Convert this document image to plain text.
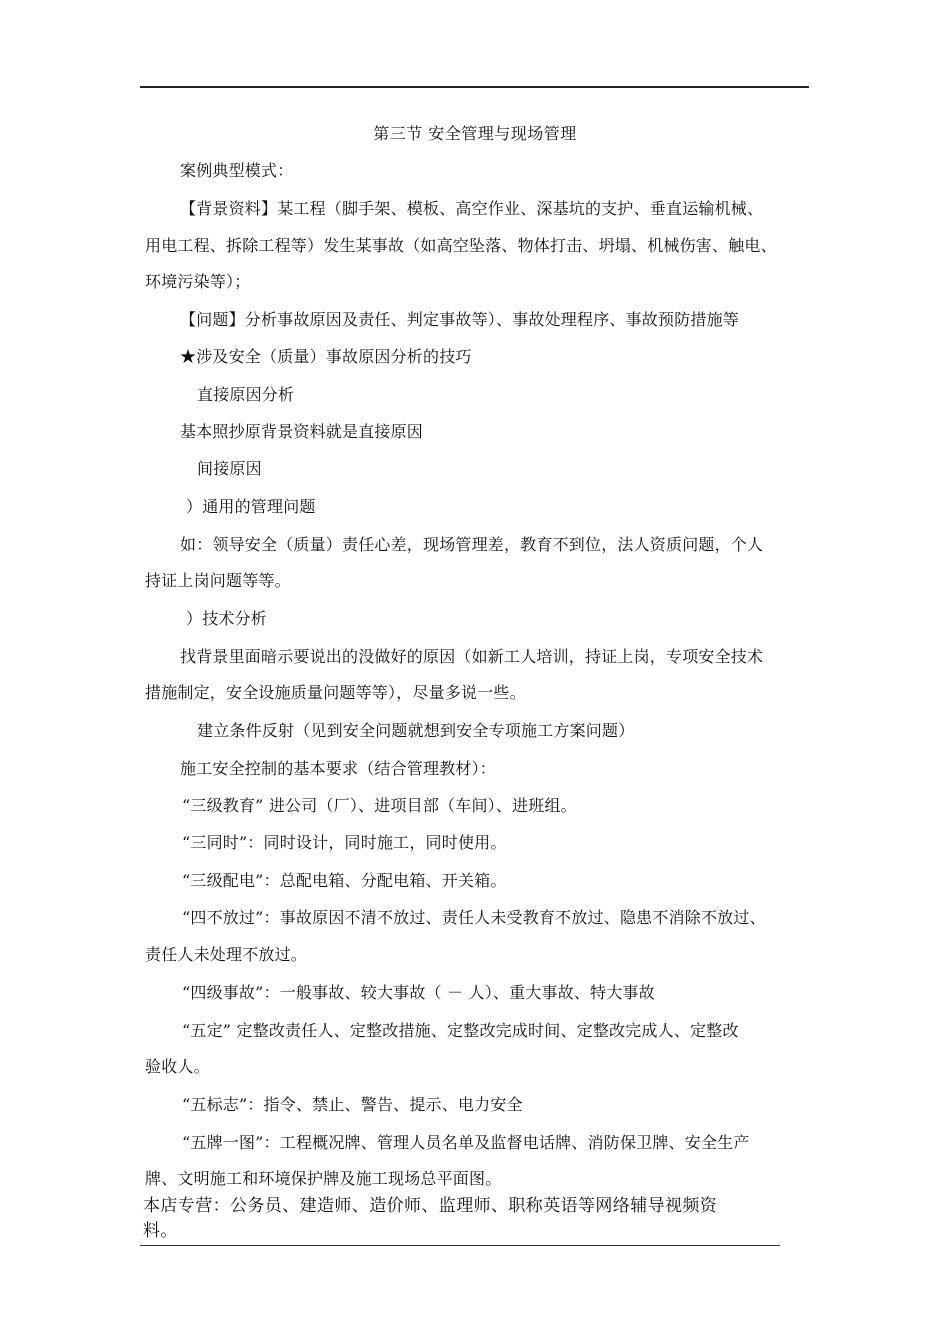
第三节 安全管理与现场管理
案例典型模式：
【背景资料】某工程（脚手架、模板、高空作业、深基坑的支护、垂直运输机械、
用电工程、拆除工程等）发生某事故（如高空坠落、物体打击、坍塌、机械伤害、触电、
环境污染等）；
【问题】分析事故原因及责任、判定事故等）、事故处理程序、事故预防措施等
★涉及安全（质量）事故原因分析的技巧
直接原因分析
基本照抄原背景资料就是直接原因
间接原因
）通用的管理问题
如：领导安全（质量）责任心差，现场管理差，教育不到位，法人资质问题，个人
持证上岗问题等等。
）技术分析
找背景里面暗示要说出的没做好的原因（如新工人培训，持证上岗，专项安全技术
措施制定，安全设施质量问题等等），尽量多说一些。
建立条件反射（见到安全问题就想到安全专项施工方案问题）
施工安全控制的基本要求（结合管理教材）：
“三级教育” 进公司（厂）、进项目部（车间）、进班组。
“三同时”：同时设计，同时施工，同时使用。
“三级配电”：总配电箱、分配电箱、开关箱。
“四不放过”：事故原因不清不放过、责任人未受教育不放过、隐患不消除不放过、
责任人未处理不放过。
“四级事故”：一般事故、较大事故（ － 人）、重大事故、特大事故
“五定” 定整改责任人、定整改措施、定整改完成时间、定整改完成人、定整改
验收人。
“五标志”：指令、禁止、警告、提示、电力安全
“五牌一图”：工程概况牌、管理人员名单及监督电话牌、消防保卫牌、安全生产
牌、文明施工和环境保护牌及施工现场总平面图。
本店专营：公务员、建造师、造价师、监理师、职称英语等网络辅导视频资
料。
